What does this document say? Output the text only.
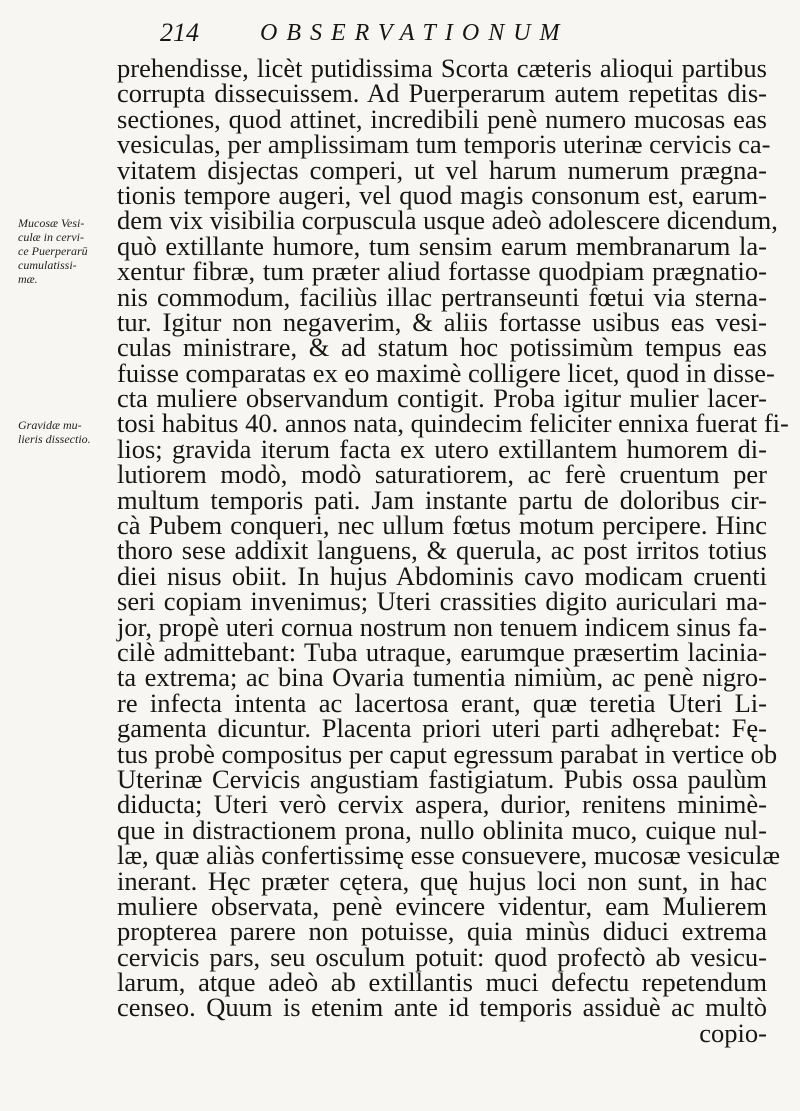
214	OBSERVATIONUM
Mucosæ Vesi-
culæ in cervi-
ce Puerperarū
cumulatissi-
mæ.
Gravidæ mu-
lieris dissectio.
prehendisse, licèt putidissima Scorta cæteris alioqui partibus
corrupta dissecuissem. Ad Puerperarum autem repetitas dis-
sectiones, quod attinet, incredibili penè numero mucosas eas
vesiculas, per amplissimam tum temporis uterinæ cervicis ca-
vitatem disjectas comperi, ut vel harum numerum prægna-
tionis tempore augeri, vel quod magis consonum est, earum-
dem vix visibilia corpuscula usque adeò adolescere dicendum,
quò extillante humore, tum sensim earum membranarum la-
xentur fibræ, tum præter aliud fortasse quodpiam prægnatio-
nis commodum, faciliùs illac pertranseunti fœtui via sterna-
tur. Igitur non negaverim, & aliis fortasse usibus eas vesi-
culas ministrare, & ad statum hoc potissimùm tempus eas
fuisse comparatas ex eo maximè colligere licet, quod in disse-
cta muliere observandum contigit. Proba igitur mulier lacer-
tosi habitus 40. annos nata, quindecim feliciter ennixa fuerat fi-
lios; gravida iterum facta ex utero extillantem humorem di-
lutiorem modò, modò saturatiorem, ac ferè cruentum per
multum temporis pati. Jam instante partu de doloribus cir-
cà Pubem conqueri, nec ullum fœtus motum percipere. Hinc
thoro sese addixit languens, & querula, ac post irritos totius
diei nisus obiit. In hujus Abdominis cavo modicam cruenti
seri copiam invenimus; Uteri crassities digito auriculari ma-
jor, propè uteri cornua nostrum non tenuem indicem sinus fa-
cilè admittebant: Tuba utraque, earumque præsertim lacinia-
ta extrema; ac bina Ovaria tumentia nimiùm, ac penè nigro-
re infecta intenta ac lacertosa erant, quæ teretia Uteri Li-
gamenta dicuntur. Placenta priori uteri parti adhęrebat: Fę-
tus probè compositus per caput egressum parabat in vertice ob
Uterinæ Cervicis angustiam fastigiatum. Pubis ossa paulùm
diducta; Uteri verò cervix aspera, durior, renitens minimè-
que in distractionem prona, nullo oblinita muco, cuique nul-
læ, quæ aliàs confertissimę esse consuevere, mucosæ vesiculæ
inerant. Hęc præter cętera, quę hujus loci non sunt, in hac
muliere observata, penè evincere videntur, eam Mulierem
propterea parere non potuisse, quia minùs diduci extrema
cervicis pars, seu osculum potuit: quod profectò ab vesicu-
larum, atque adeò ab extillantis muci defectu repetendum
censeo. Quum is etenim ante id temporis assiduè ac multò
copio-
